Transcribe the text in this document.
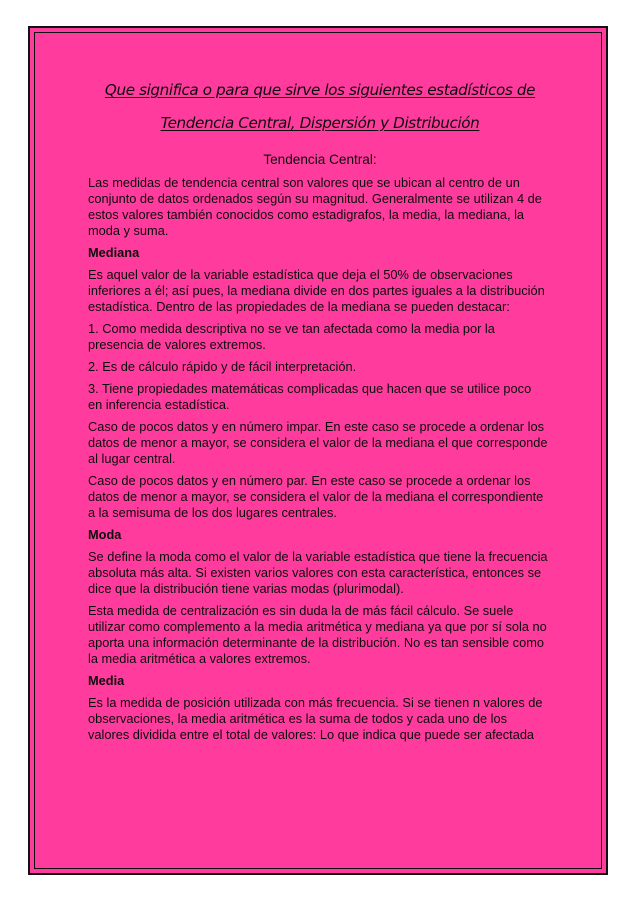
Que significa o para que sirve los siguientes estadísticos de

Tendencia Central, Dispersión y Distribución

Tendencia Central:

Las medidas de tendencia central son valores que se ubican al centro de un conjunto de datos ordenados según su magnitud. Generalmente se utilizan 4 de estos valores también conocidos como estadigrafos, la media, la mediana, la moda y suma.

Mediana

Es aquel valor de la variable estadística que deja el 50% de observaciones inferiores a él; así pues, la mediana divide en dos partes iguales a la distribución estadística. Dentro de las propiedades de la mediana se pueden destacar:

1. Como medida descriptiva no se ve tan afectada como la media por la presencia de valores extremos.

2. Es de cálculo rápido y de fácil interpretación.

3. Tiene propiedades matemáticas complicadas que hacen que se utilice poco en inferencia estadística.

Caso de pocos datos y en número impar. En este caso se procede a ordenar los datos de menor a mayor, se considera el valor de la mediana el que corresponde al lugar central.

Caso de pocos datos y en número par. En este caso se procede a ordenar los datos de menor a mayor, se considera el valor de la mediana el correspondiente a la semisuma de los dos lugares centrales.

Moda

Se define la moda como el valor de la variable estadística que tiene la frecuencia absoluta más alta. Si existen varios valores con esta característica, entonces se dice que la distribución tiene varias modas (plurimodal).

Esta medida de centralización es sin duda la de más fácil cálculo. Se suele utilizar como complemento a la media aritmética y mediana ya que por sí sola no aporta una información determinante de la distribución. No es tan sensible como la media aritmética a valores extremos.

Media

Es la medida de posición utilizada con más frecuencia. Si se tienen n valores de observaciones, la media aritmética es la suma de todos y cada uno de los valores dividida entre el total de valores: Lo que indica que puede ser afectada
